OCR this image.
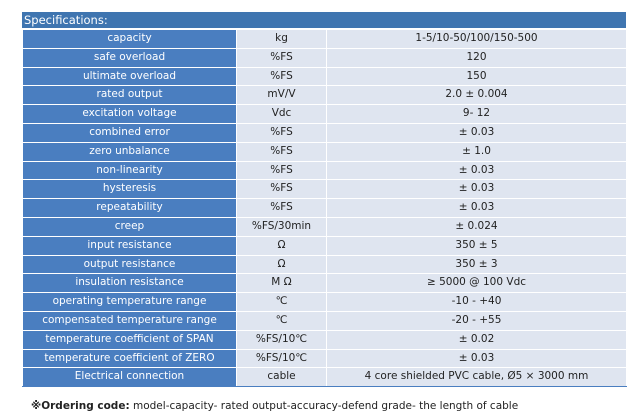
Specifications:
capacity	kg	1-5/10-50/100/150-500
safe overload	%FS	120
ultimate overload	%FS	150
rated output	mV/V	2.0 ± 0.004
excitation voltage	Vdc	9- 12
combined error	%FS	± 0.03
zero unbalance	%FS	± 1.0
non-linearity	%FS	± 0.03
hysteresis	%FS	± 0.03
repeatability	%FS	± 0.03
creep	%FS/30min	± 0.024
input resistance	Ω	350 ± 5
output resistance	Ω	350 ± 3
insulation resistance	M Ω	≥ 5000 @ 100 Vdc
operating temperature range	℃	-10 - +40
compensated temperature range	℃	-20 - +55
temperature coefficient of SPAN	%FS/10℃	± 0.02
temperature coefficient of ZERO	%FS/10℃	± 0.03
Electrical connection	cable	4 core shielded PVC cable, Ø5 × 3000 mm
※Ordering code: model-capacity- rated output-accuracy-defend grade- the length of cable
